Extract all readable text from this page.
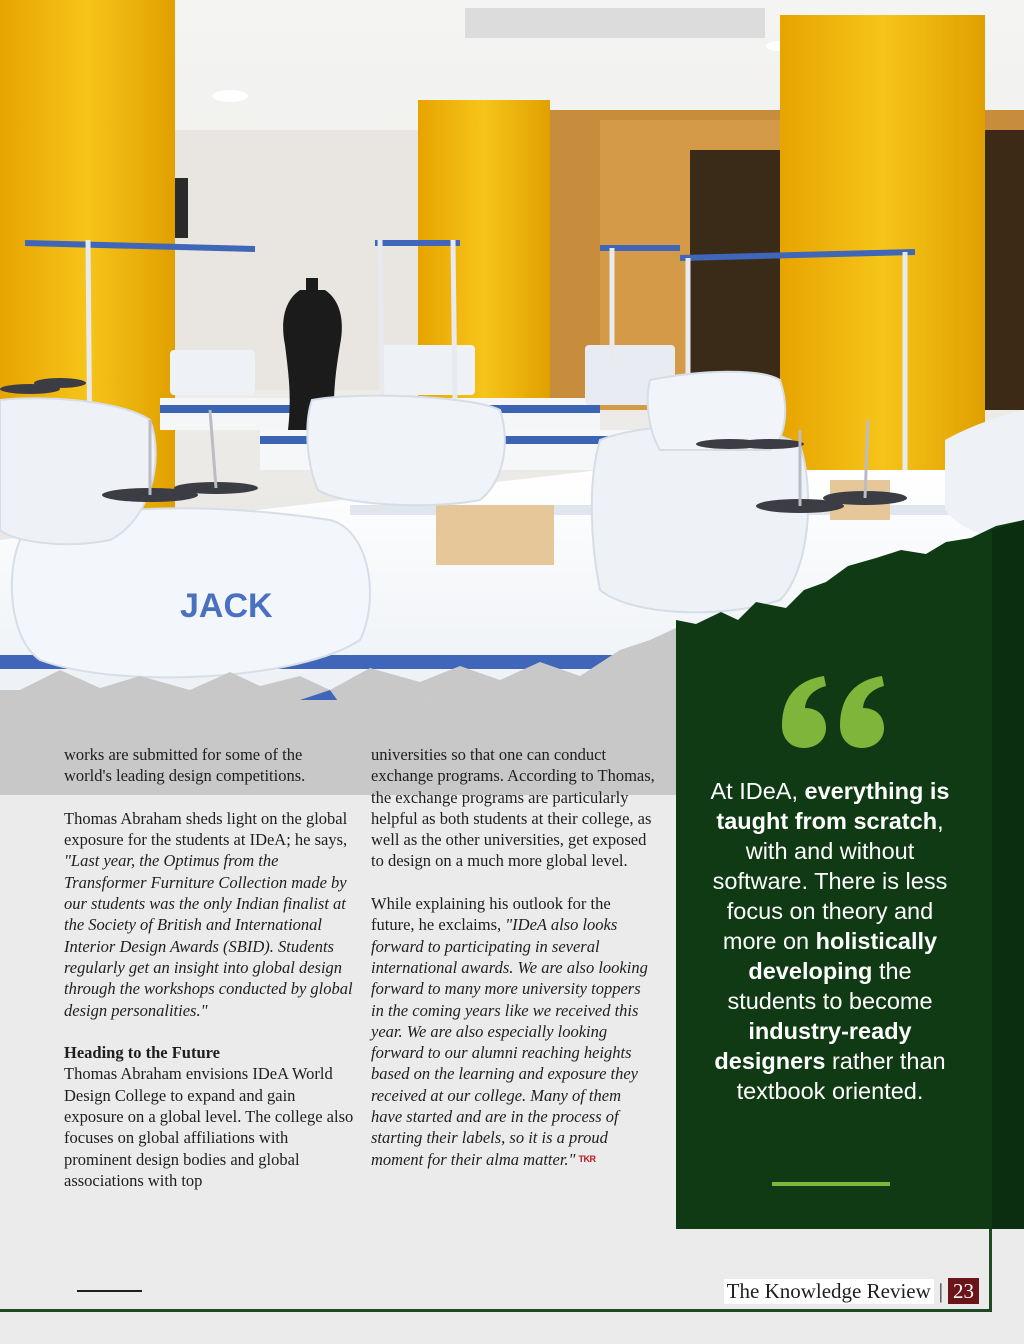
JACK

works are submitted for some of the world's leading design competitions.

Thomas Abraham sheds light on the global exposure for the students at IDeA; he says, "Last year, the Optimus from the Transformer Furniture Collection made by our students was the only Indian finalist at the Society of British and International Interior Design Awards (SBID). Students regularly get an insight into global design through the workshops conducted by global design personalities."

Heading to the Future

Thomas Abraham envisions IDeA World Design College to expand and gain exposure on a global level. The college also focuses on global affiliations with prominent design bodies and global associations with top

universities so that one can conduct exchange programs. According to Thomas, the exchange programs are particularly helpful as both students at their college, as well as the other universities, get exposed to design on a much more global level.

While explaining his outlook for the future, he exclaims, "IDeA also looks forward to participating in several international awards. We are also looking forward to many more university toppers in the coming years like we received this year. We are also especially looking forward to our alumni reaching heights based on the learning and exposure they received at our college. Many of them have started and are in the process of starting their labels, so it is a proud moment for their alma matter." TKR

At IDeA, everything is taught from scratch, with and without software. There is less focus on theory and more on holistically developing the students to become industry-ready designers rather than textbook oriented.
The Knowledge Review | 23
